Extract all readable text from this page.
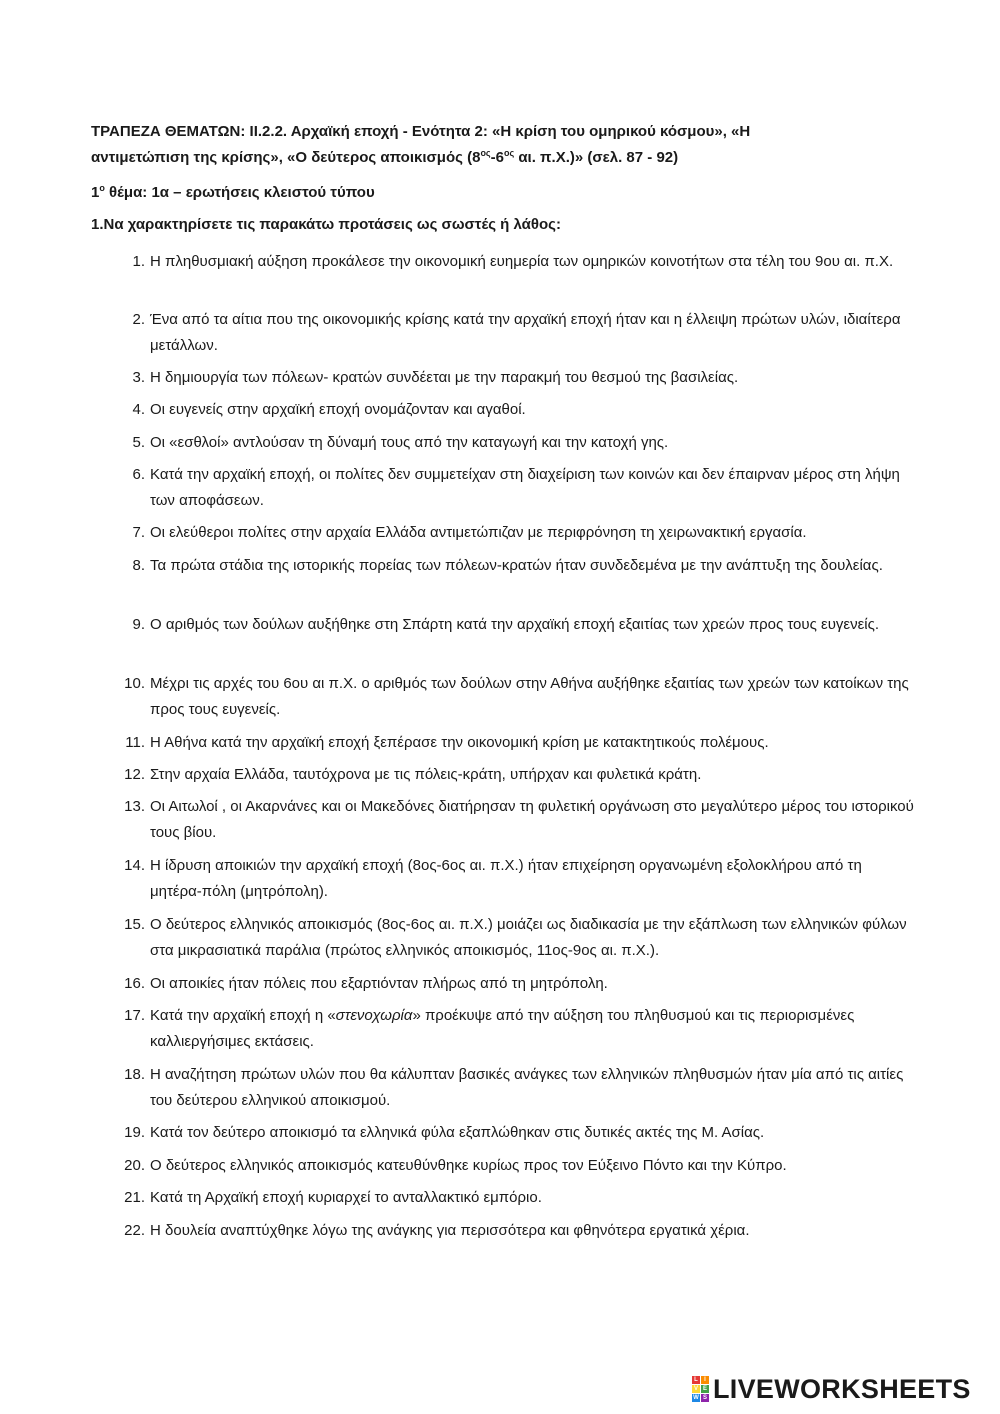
ΤΡΑΠΕΖΑ ΘΕΜΑΤΩΝ: ΙΙ.2.2. Αρχαϊκή εποχή - Ενότητα 2: «Η κρίση του ομηρικού κόσμου», «Η
αντιμετώπιση της κρίσης», «Ο δεύτερος αποικισμός ($8^{o\varsigma}-6^{o\varsigma}$ αι. π.Χ.)» (σελ. 87 - 92)
$1^o$ θέμα: 1α – ερωτήσεις κλειστού τύπου
1.Να χαρακτηρίσετε τις παρακάτω προτάσεις ως σωστές ή λάθος:
1. Η πληθυσμιακή αύξηση προκάλεσε την οικονομική ευημερία των ομηρικών κοινοτήτων στα τέλη του 9ου αι. π.Χ.
2. Ένα από τα αίτια που της οικονομικής κρίσης κατά την αρχαϊκή εποχή ήταν και η έλλειψη πρώτων υλών, ιδιαίτερα μετάλλων.
3. Η δημιουργία των πόλεων- κρατών συνδέεται με την παρακμή του θεσμού της βασιλείας.
4. Οι ευγενείς στην αρχαϊκή εποχή ονομάζονταν και αγαθοί.
5. Οι «εσθλοί» αντλούσαν τη δύναμή τους από την καταγωγή και την κατοχή γης.
6. Κατά την αρχαϊκή εποχή, οι πολίτες δεν συμμετείχαν στη διαχείριση των κοινών και δεν έπαιρναν μέρος στη λήψη των αποφάσεων.
7. Οι ελεύθεροι πολίτες στην αρχαία Ελλάδα αντιμετώπιζαν με περιφρόνηση τη χειρωνακτική εργασία.
8. Τα πρώτα στάδια της ιστορικής πορείας των πόλεων-κρατών ήταν συνδεδεμένα με την ανάπτυξη της δουλείας.
9. Ο αριθμός των δούλων αυξήθηκε στη Σπάρτη κατά την αρχαϊκή εποχή εξαιτίας των χρεών προς τους ευγενείς.
10. Μέχρι τις αρχές του 6ου αι π.Χ. ο αριθμός των δούλων στην Αθήνα αυξήθηκε εξαιτίας των χρεών των κατοίκων της προς τους ευγενείς.
11. Η Αθήνα κατά την αρχαϊκή εποχή ξεπέρασε την οικονομική κρίση με κατακτητικούς πολέμους.
12. Στην αρχαία Ελλάδα, ταυτόχρονα με τις πόλεις-κράτη, υπήρχαν και φυλετικά κράτη.
13. Οι Αιτωλοί , οι Ακαρνάνες και οι Μακεδόνες διατήρησαν τη φυλετική οργάνωση στο μεγαλύτερο μέρος του ιστορικού τους βίου.
14. Η ίδρυση αποικιών την αρχαϊκή εποχή (8ος-6ος αι. π.Χ.) ήταν επιχείρηση οργανωμένη εξολοκλήρου από τη μητέρα-πόλη (μητρόπολη).
15. Ο δεύτερος ελληνικός αποικισμός (8ος-6ος αι. π.Χ.) μοιάζει ως διαδικασία με την εξάπλωση των ελληνικών φύλων στα μικρασιατικά παράλια (πρώτος ελληνικός αποικισμός, 11ος-9ος αι. π.Χ.).
16. Οι αποικίες ήταν πόλεις που εξαρτιόνταν πλήρως από τη μητρόπολη.
17. Κατά την αρχαϊκή εποχή η «στενοχωρία» προέκυψε από την αύξηση του πληθυσμού και τις περιορισμένες καλλιεργήσιμες εκτάσεις.
18. Η αναζήτηση πρώτων υλών που θα κάλυπταν βασικές ανάγκες των ελληνικών πληθυσμών ήταν μία από τις αιτίες του δεύτερου ελληνικού αποικισμού.
19. Κατά τον δεύτερο αποικισμό τα ελληνικά φύλα εξαπλώθηκαν στις δυτικές ακτές της Μ. Ασίας.
20. Ο δεύτερος ελληνικός αποικισμός κατευθύνθηκε κυρίως προς τον Εύξεινο Πόντο και την Κύπρο.
21. Κατά τη Αρχαϊκή εποχή κυριαρχεί το ανταλλακτικό εμπόριο.
22. Η δουλεία αναπτύχθηκε λόγω της ανάγκης για περισσότερα και φθηνότερα εργατικά χέρια.
L	I
V E
W S LIVEWORKSHEETS
